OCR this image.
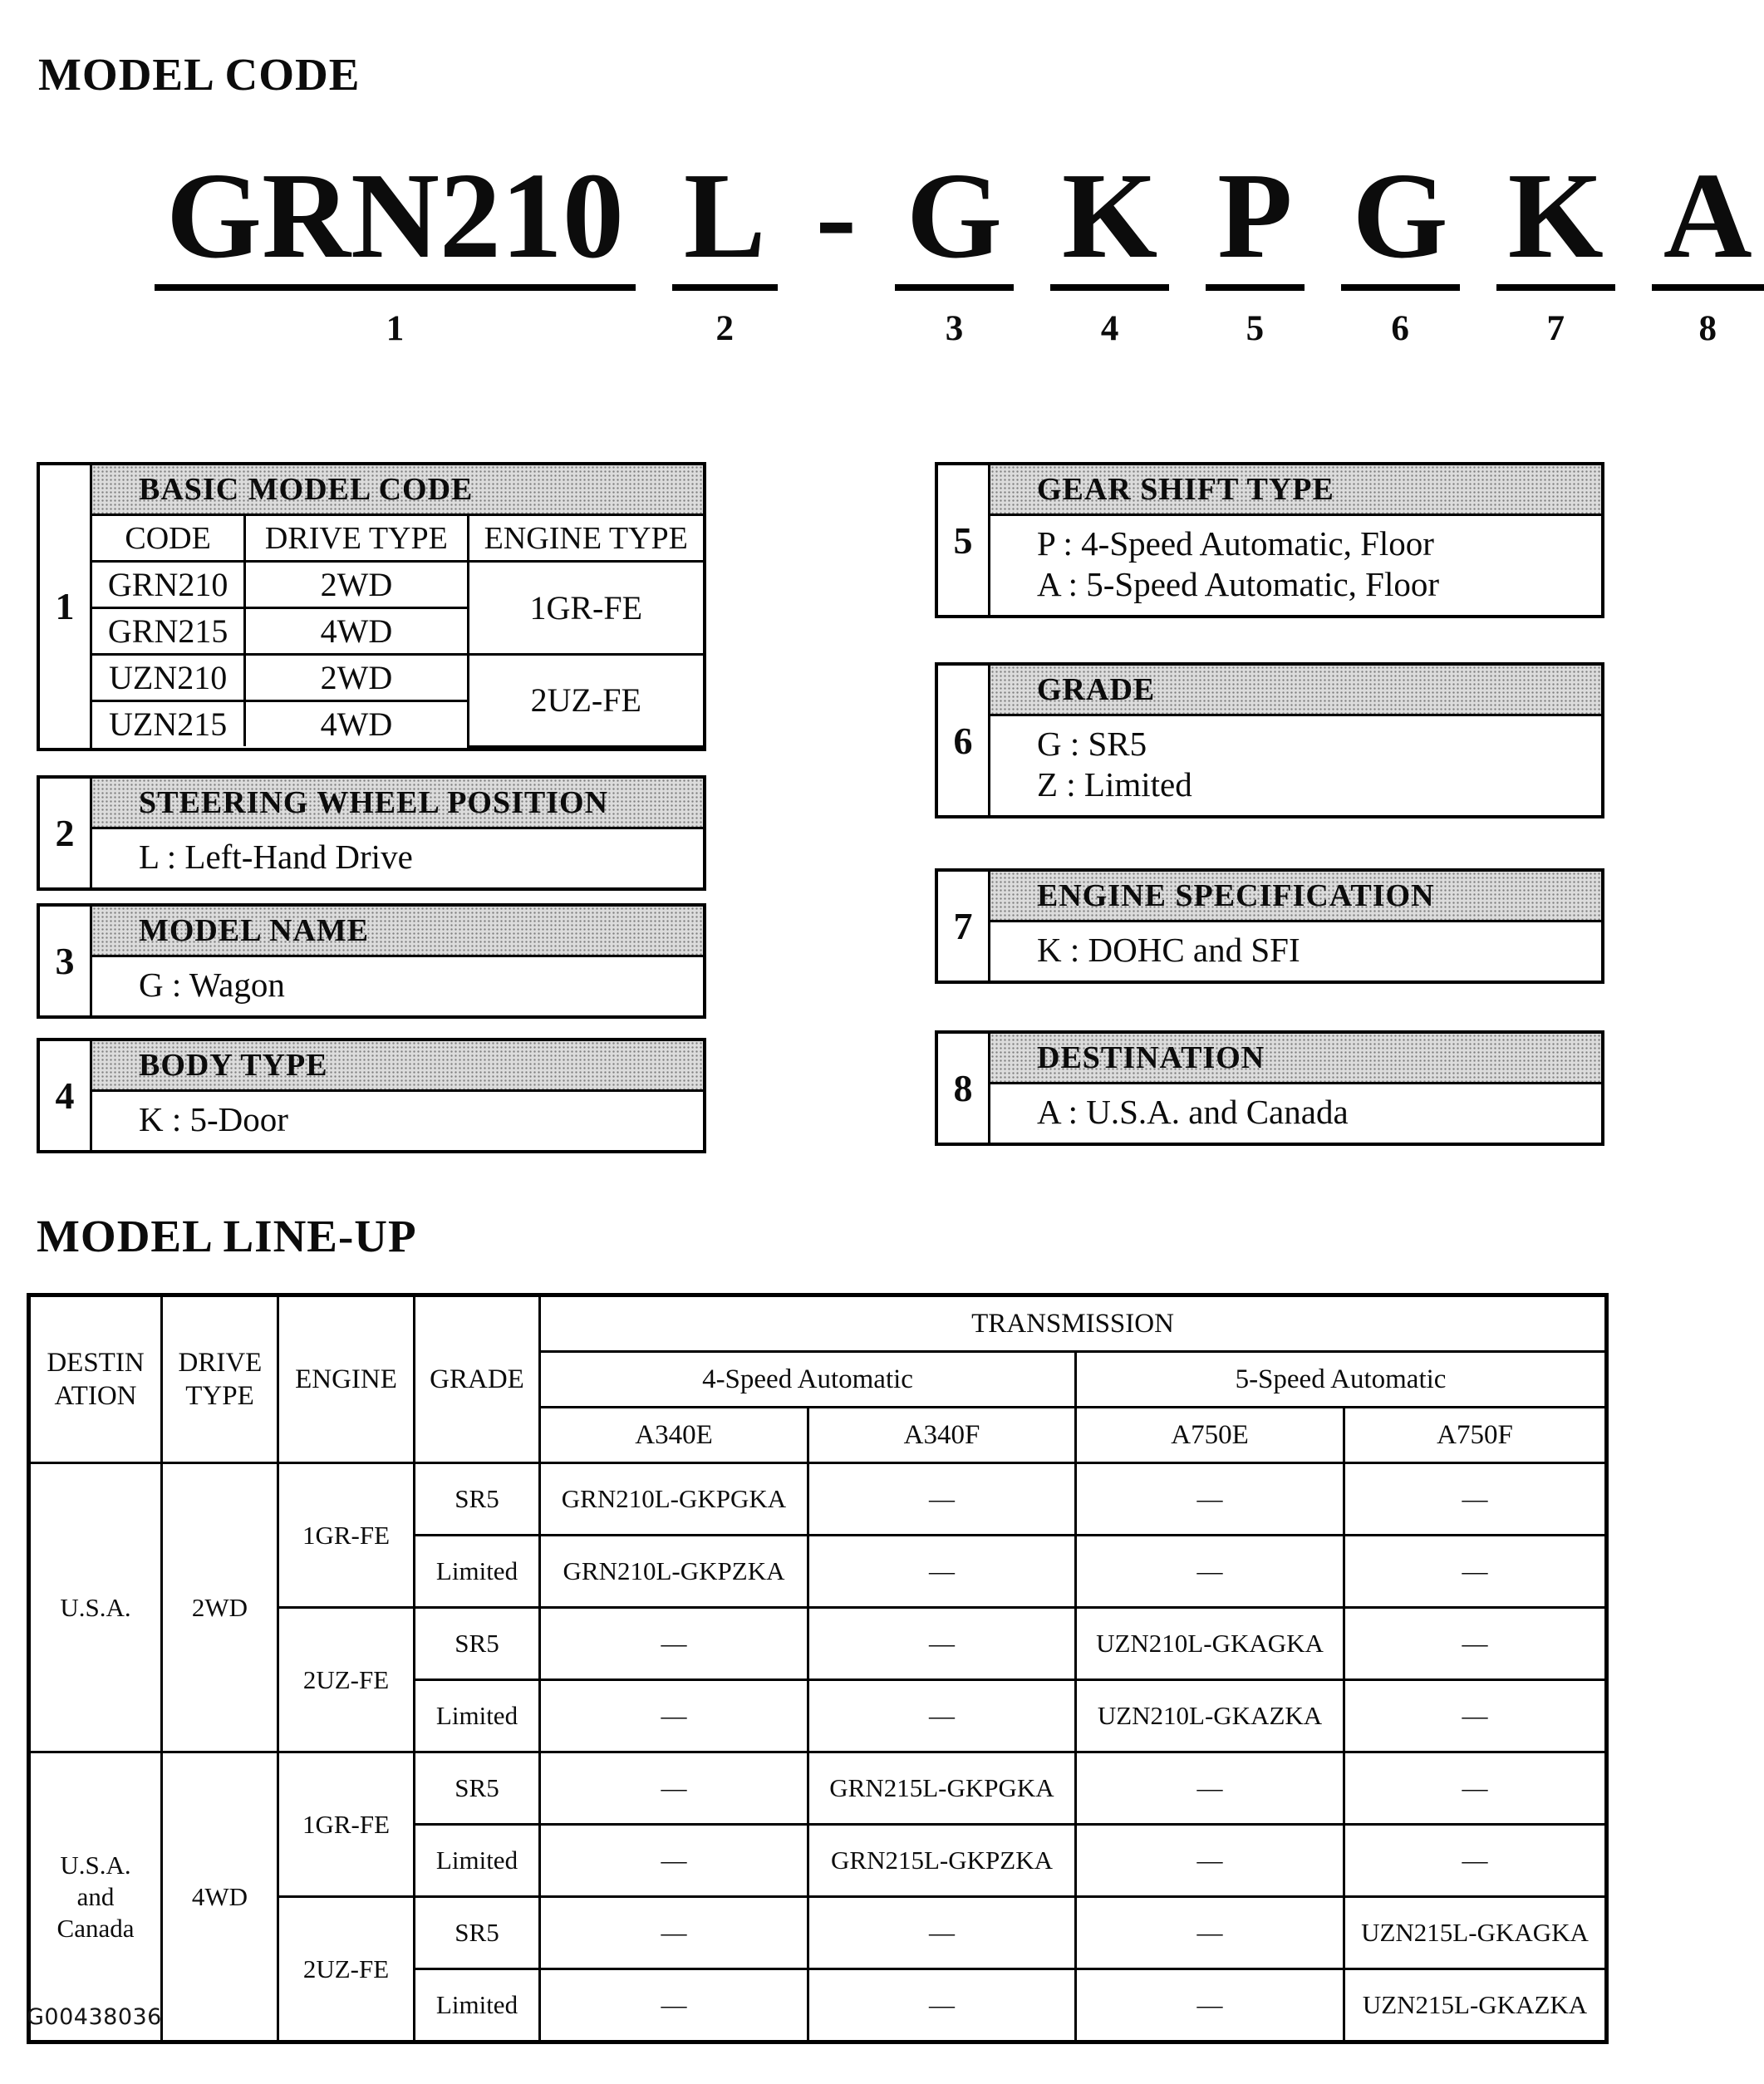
MODEL CODE
GRN210
1
L
2
- G
3
K
4
P
5
G
6
K
7
A
8
1
BASIC MODEL CODE
CODE	DRIVE TYPE	ENGINE TYPE
GRN210	2WD	1GR-FE
GRN215	4WD	
UZN210	2WD	2UZ-FE
UZN215	4WD	
2
STEERING WHEEL POSITION
L : Left-Hand Drive
3
MODEL NAME
G : Wagon
4
BODY TYPE
K : 5-Door
5
GEAR SHIFT TYPE
P : 4-Speed Automatic, Floor
A : 5-Speed Automatic, Floor
6
GRADE
G : SR5
Z : Limited
7
ENGINE SPECIFICATION
K : DOHC and SFI
8
DESTINATION
A : U.S.A. and Canada
MODEL LINE-UP
DESTIN ATION	DRIVE TYPE	ENGINE	GRADE	TRANSMISSION			
				4-Speed Automatic		5-Speed Automatic	
				A340E	A340F	A750E	A750F
U.S.A.	2WD	1GR-FE	SR5	GRN210L-GKPGKA	—	—	—
			Limited	GRN210L-GKPZKA	—	—	—
		2UZ-FE	SR5	—	—	UZN210L-GKAGKA	—
			Limited	—	—	UZN210L-GKAZKA	—
U.S.A. and Canada	4WD	1GR-FE	SR5	—	GRN215L-GKPGKA	—	—
			Limited	—	GRN215L-GKPZKA	—	—
		2UZ-FE	SR5	—	—	—	UZN215L-GKAGKA
			Limited	—	—	—	UZN215L-GKAZKA
G00438036
